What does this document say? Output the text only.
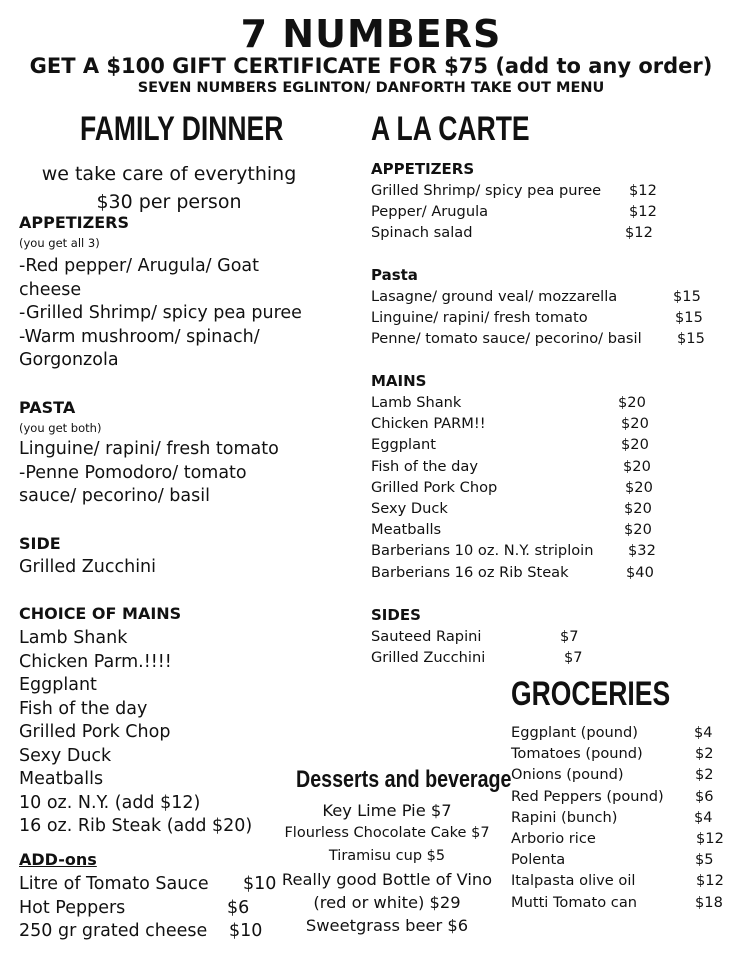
7 NUMBERS
GET A $100 GIFT CERTIFICATE FOR $75 (add to any order)
SEVEN NUMBERS EGLINTON/ DANFORTH TAKE OUT MENU
FAMILY DINNER
we take care of everything
$30 per person
APPETIZERS
(you get all 3)
-Red pepper/ Arugula/ Goat
cheese
-Grilled Shrimp/ spicy pea puree
-Warm mushroom/ spinach/
Gorgonzola
PASTA
(you get both)
Linguine/ rapini/ fresh tomato
-Penne Pomodoro/ tomato
sauce/ pecorino/ basil
SIDE
Grilled Zucchini
CHOICE OF MAINS
Lamb Shank
Chicken Parm.!!!!
Eggplant
Fish of the day
Grilled Pork Chop
Sexy Duck
Meatballs
10 oz. N.Y. (add $12)
16 oz. Rib Steak (add $20)
ADD-ons
Litre of Tomato Sauce	$10
Hot Peppers	$6
250 gr grated cheese	$10
A LA CARTE
APPETIZERS
Grilled Shrimp/ spicy pea puree	$12
Pepper/ Arugula	$12
Spinach salad	$12
Pasta
Lasagne/ ground veal/ mozzarella	$15
Linguine/ rapini/ fresh tomato	$15
Penne/ tomato sauce/ pecorino/ basil	$15
MAINS
Lamb Shank	$20
Chicken PARM!!	$20
Eggplant	$20
Fish of the day	$20
Grilled Pork Chop	$20
Sexy Duck	$20
Meatballs	$20
Barberians 10 oz. N.Y. striploin	$32
Barberians 16 oz Rib Steak	$40
SIDES
Sauteed Rapini	$7
Grilled Zucchini	$7
GROCERIES
Eggplant (pound)	$4
Tomatoes (pound)	$2
Onions (pound)	$2
Red Peppers (pound)	$6
Rapini (bunch)	$4
Arborio rice	$12
Polenta	$5
Italpasta olive oil	$12
Mutti Tomato can	$18
Desserts and beverage
Key Lime Pie $7
Flourless Chocolate Cake $7
Tiramisu cup $5
Really good Bottle of Vino
(red or white) $29
Sweetgrass beer $6
